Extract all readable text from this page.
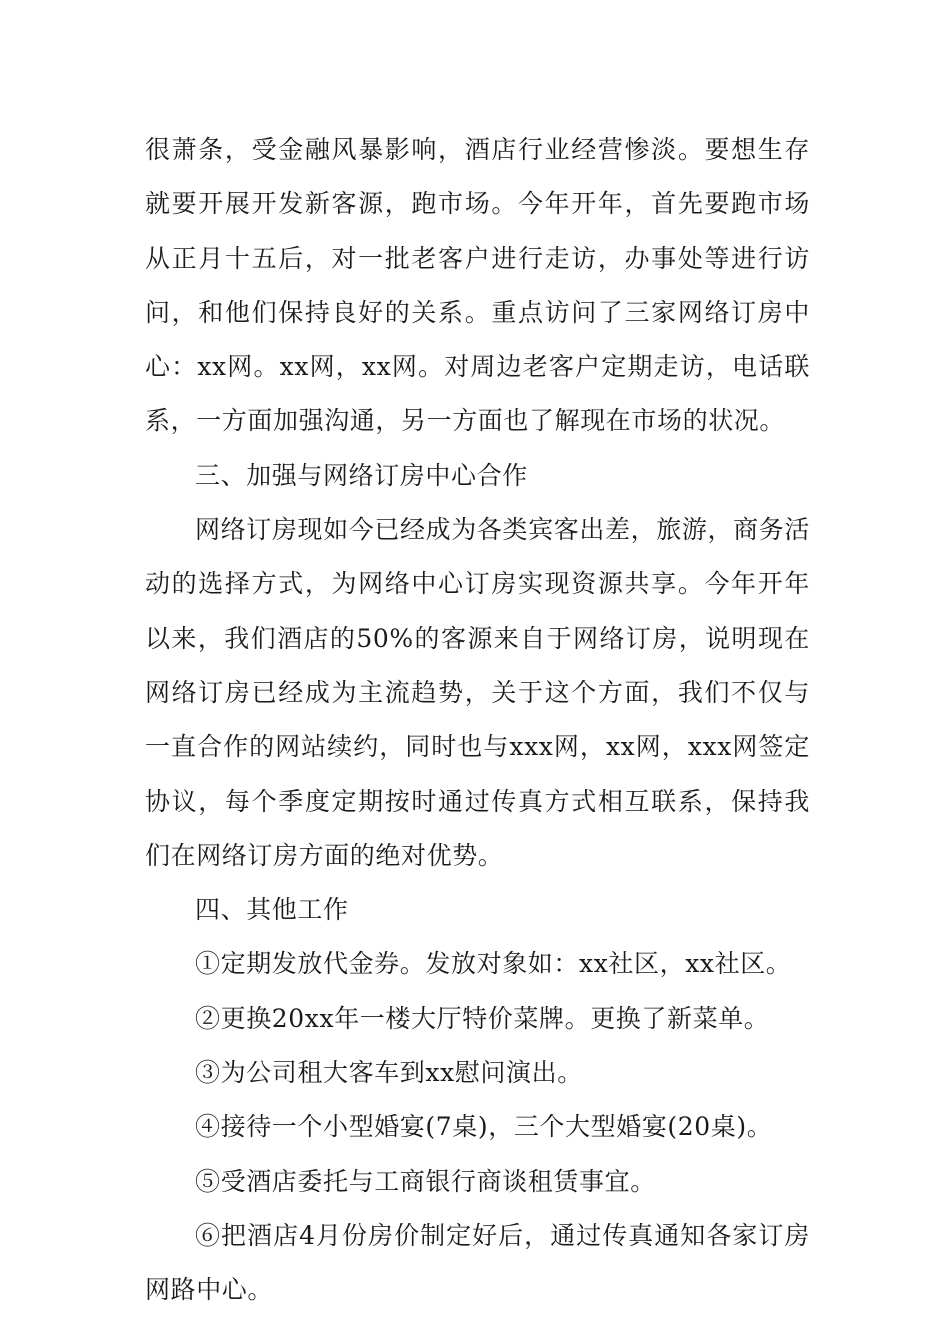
很萧条，受金融风暴影响，酒店行业经营惨淡。要想生存就要开展开发新客源，跑市场。今年开年，首先要跑市场从正月十五后，对一批老客户进行走访，办事处等进行访问，和他们保持良好的关系。重点访问了三家网络订房中心：xx网。xx网，xx网。对周边老客户定期走访，电话联系，一方面加强沟通，另一方面也了解现在市场的状况。

三、加强与网络订房中心合作

网络订房现如今已经成为各类宾客出差，旅游，商务活动的选择方式，为网络中心订房实现资源共享。今年开年以来，我们酒店的50%的客源来自于网络订房，说明现在网络订房已经成为主流趋势，关于这个方面，我们不仅与一直合作的网站续约，同时也与xxx网，xx网，xxx网签定协议，每个季度定期按时通过传真方式相互联系，保持我们在网络订房方面的绝对优势。

四、其他工作

①定期发放代金券。发放对象如：xx社区，xx社区。

②更换20xx年一楼大厅特价菜牌。更换了新菜单。

③为公司租大客车到xx慰问演出。

④接待一个小型婚宴(7桌)，三个大型婚宴(20桌)。

⑤受酒店委托与工商银行商谈租赁事宜。

⑥把酒店4月份房价制定好后，通过传真通知各家订房网路中心。
